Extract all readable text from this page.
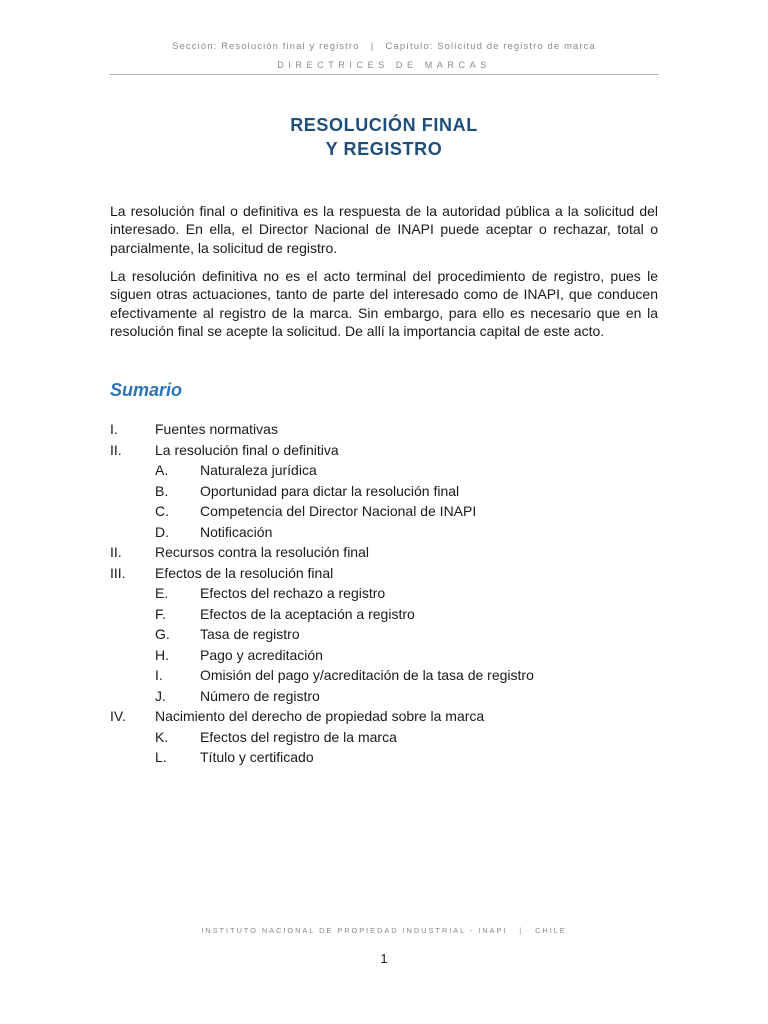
Sección: Resolución final y registro   |   Capítulo: Solicitud de registro de marca
DIRECTRICES DE MARCAS
RESOLUCIÓN FINAL
Y REGISTRO

La resolución final o definitiva es la respuesta de la autoridad pública a la solicitud del interesado. En ella, el Director Nacional de INAPI puede aceptar o rechazar, total o parcialmente, la solicitud de registro.

La resolución definitiva no es el acto terminal del procedimiento de registro, pues le siguen otras actuaciones, tanto de parte del interesado como de INAPI, que conducen efectivamente al registro de la marca. Sin embargo, para ello es necesario que en la resolución final se acepte la solicitud. De allí la importancia capital de este acto.

Sumario
I.	Fuentes normativas
II. La resolución final o definitiva
A. Naturaleza jurídica
B. Oportunidad para dictar la resolución final
C. Competencia del Director Nacional de INAPI
D. Notificación
II. Recursos contra la resolución final
III. Efectos de la resolución final
E. Efectos del rechazo a registro
F. Efectos de la aceptación a registro
G. Tasa de registro
H. Pago y acreditación
I.	Omisión del pago y/acreditación de la tasa de registro
J. Número de registro
IV. Nacimiento del derecho de propiedad sobre la marca
K. Efectos del registro de la marca
L. Título y certificado
INSTITUTO NACIONAL DE PROPIEDAD INDUSTRIAL - INAPI   |   CHILE
1
